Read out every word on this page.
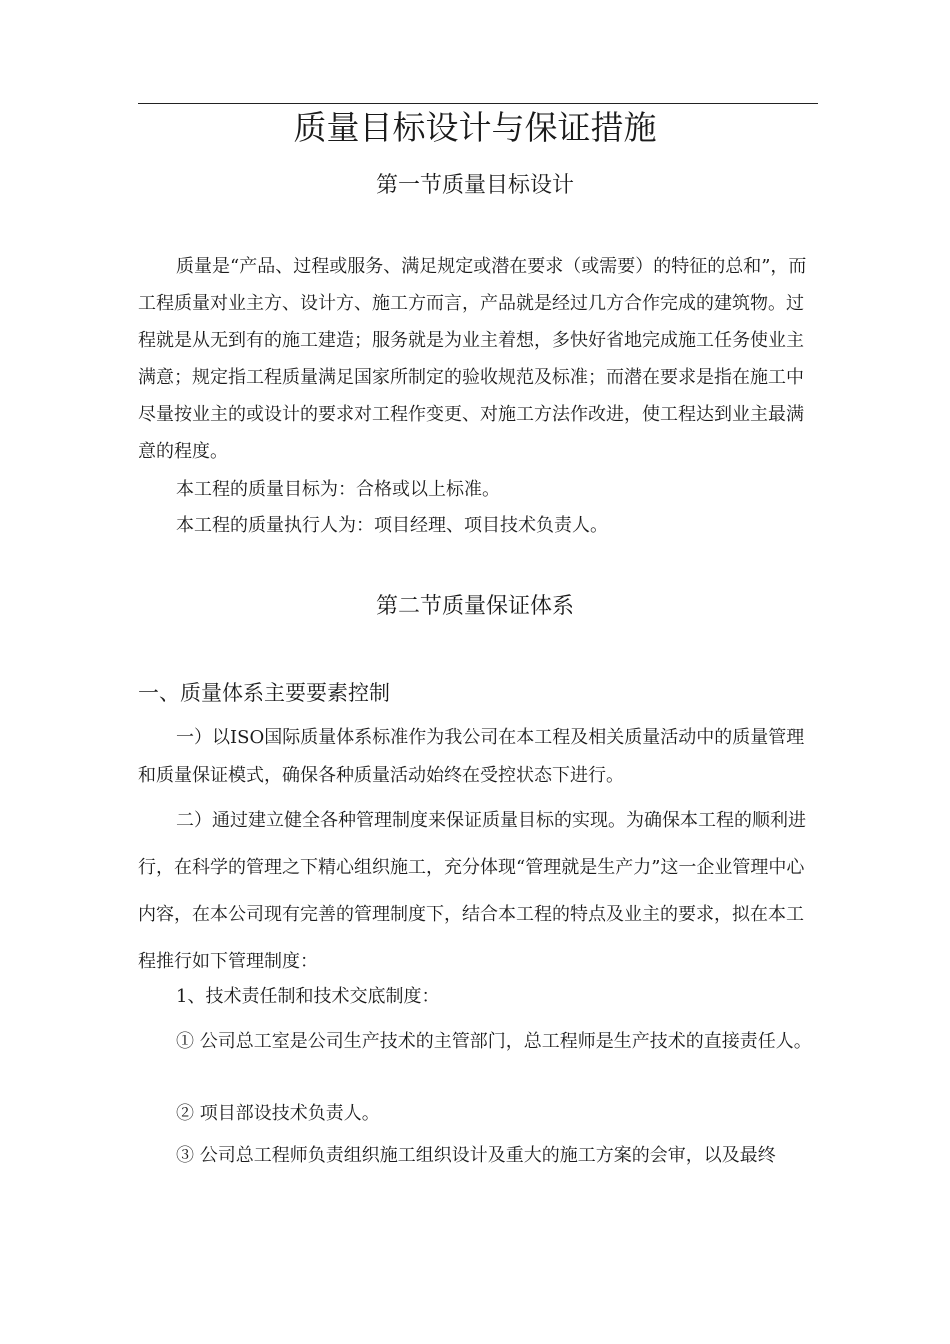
质量目标设计与保证措施
第一节质量目标设计

质量是“产品、过程或服务、满足规定或潜在要求（或需要）的特征的总和”，而工程质量对业主方、设计方、施工方而言，产品就是经过几方合作完成的建筑物。过程就是从无到有的施工建造；服务就是为业主着想，多快好省地完成施工任务使业主满意；规定指工程质量满足国家所制定的验收规范及标准；而潜在要求是指在施工中尽量按业主的或设计的要求对工程作变更、对施工方法作改进，使工程达到业主最满意的程度。

本工程的质量目标为：合格或以上标准。
本工程的质量执行人为：项目经理、项目技术负责人。
第二节质量保证体系
一、质量体系主要要素控制

一）以ISO国际质量体系标准作为我公司在本工程及相关质量活动中的质量管理和质量保证模式，确保各种质量活动始终在受控状态下进行。

二）通过建立健全各种管理制度来保证质量目标的实现。为确保本工程的顺利进行，在科学的管理之下精心组织施工，充分体现“管理就是生产力”这一企业管理中心内容，在本公司现有完善的管理制度下，结合本工程的特点及业主的要求，拟在本工程推行如下管理制度：

1、技术责任制和技术交底制度：

① 公司总工室是公司生产技术的主管部门，总工程师是生产技术的直接责任人。

② 项目部设技术负责人。

③ 公司总工程师负责组织施工组织设计及重大的施工方案的会审，以及最终
